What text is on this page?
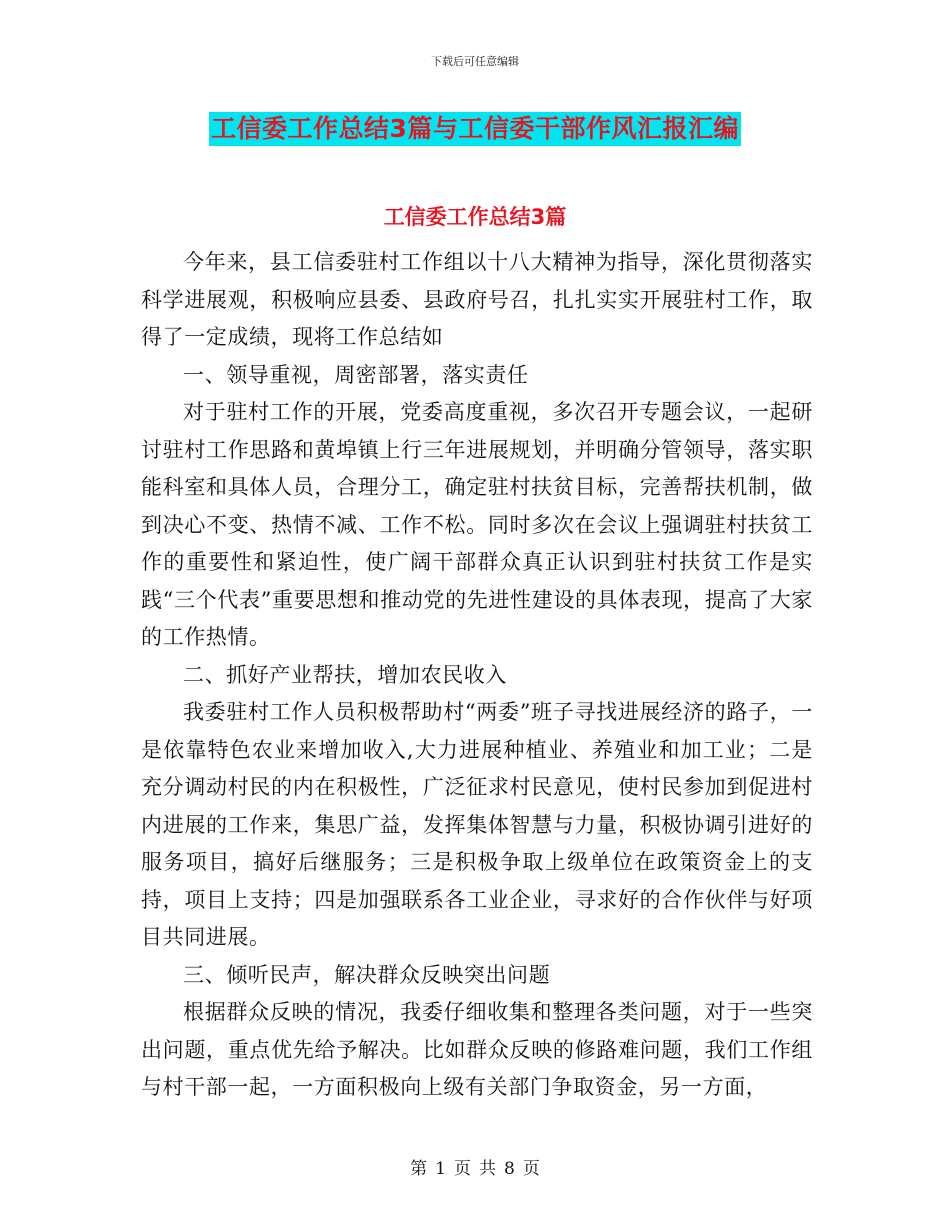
下载后可任意编辑
工信委工作总结3篇与工信委干部作风汇报汇编
工信委工作总结3篇

今年来，县工信委驻村工作组以十八大精神为指导，深化贯彻落实科学进展观，积极响应县委、县政府号召，扎扎实实开展驻村工作，取得了一定成绩，现将工作总结如

一、领导重视，周密部署，落实责任

对于驻村工作的开展，党委高度重视，多次召开专题会议，一起研讨驻村工作思路和黄埠镇上行三年进展规划，并明确分管领导，落实职能科室和具体人员，合理分工，确定驻村扶贫目标，完善帮扶机制，做到决心不变、热情不减、工作不松。同时多次在会议上强调驻村扶贫工作的重要性和紧迫性，使广阔干部群众真正认识到驻村扶贫工作是实践“三个代表”重要思想和推动党的先进性建设的具体表现，提高了大家的工作热情。

二、抓好产业帮扶，增加农民收入

我委驻村工作人员积极帮助村“两委”班子寻找进展经济的路子，一是依靠特色农业来增加收入,大力进展种植业、养殖业和加工业；二是充分调动村民的内在积极性，广泛征求村民意见，使村民参加到促进村内进展的工作来，集思广益，发挥集体智慧与力量，积极协调引进好的服务项目，搞好后继服务；三是积极争取上级单位在政策资金上的支持，项目上支持；四是加强联系各工业企业，寻求好的合作伙伴与好项目共同进展。

三、倾听民声，解决群众反映突出问题

根据群众反映的情况，我委仔细收集和整理各类问题，对于一些突出问题，重点优先给予解决。比如群众反映的修路难问题，我们工作组与村干部一起，一方面积极向上级有关部门争取资金，另一方面，

第 1 页 共 8 页
